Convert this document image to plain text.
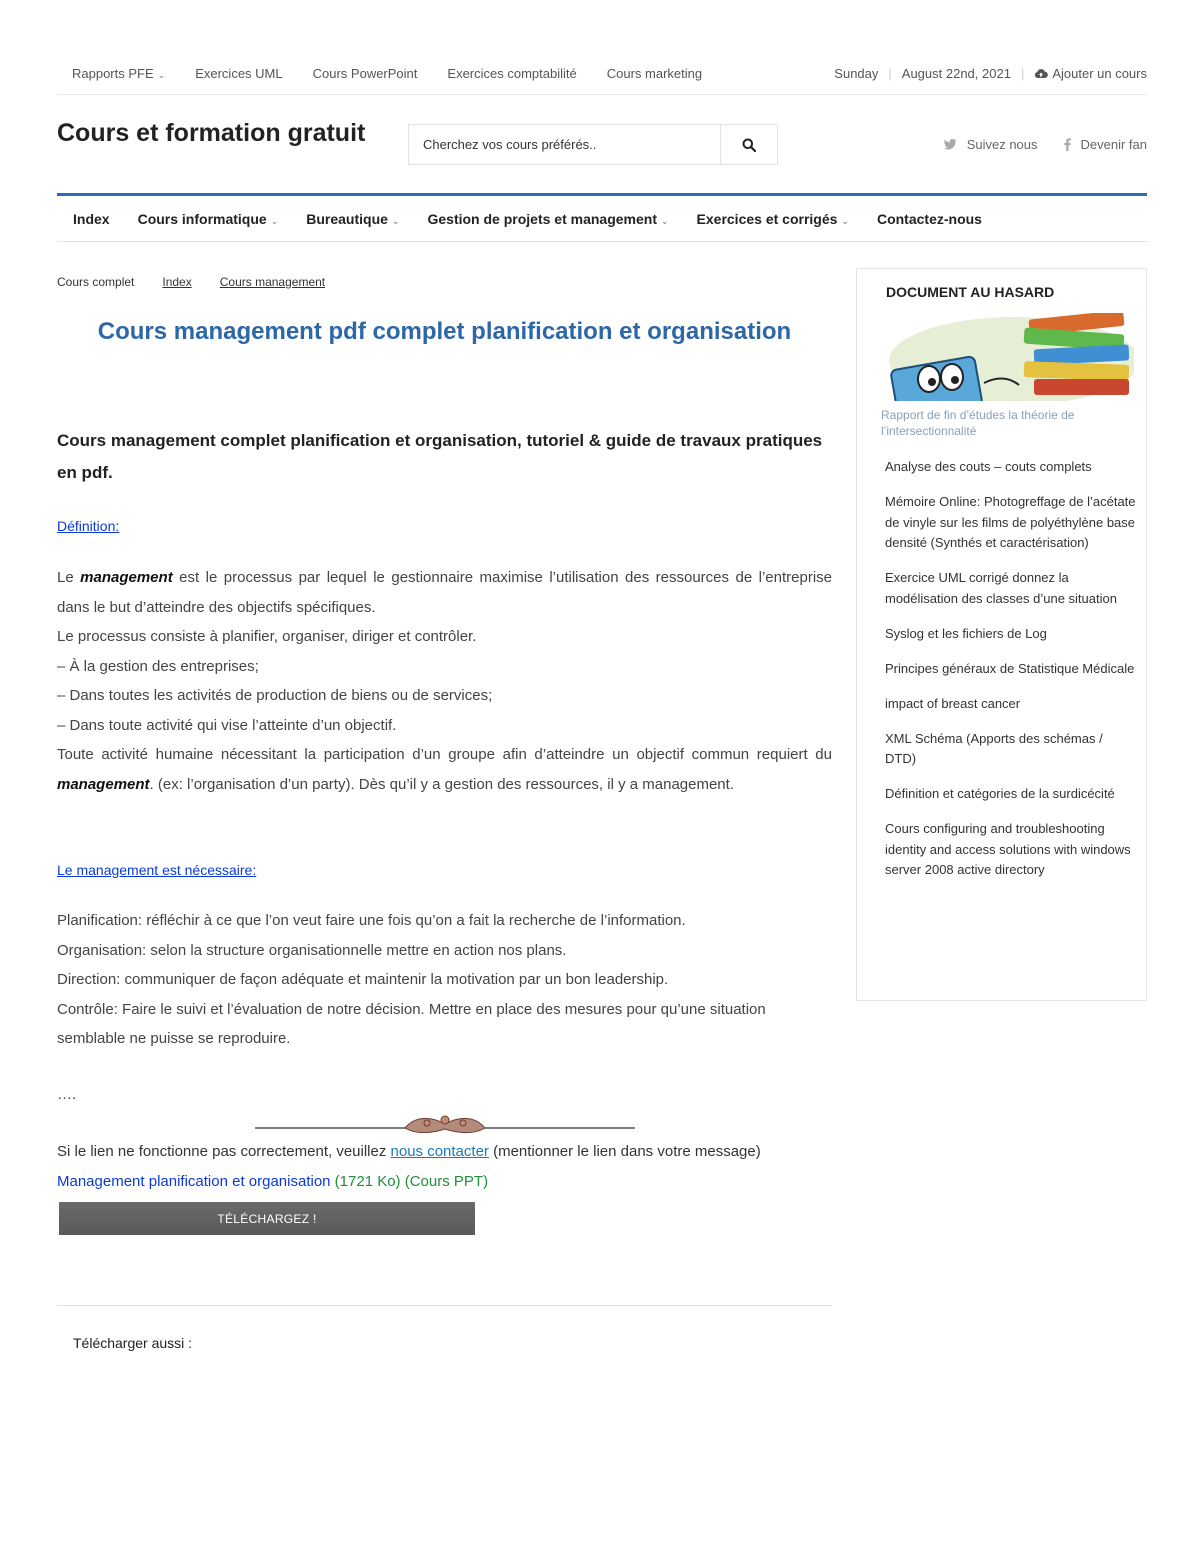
Rapports PFE ⌄ Exercices UML Cours PowerPoint Exercices comptabilité Cours marketing	Sunday | August 22nd, 2021 |	Ajouter un cours
Cours et formation gratuit
Cherchez vos cours préférés..	Suivez nous	Devenir fan
Index Cours informatique ⌄ Bureautique ⌄ Gestion de projets et management ⌄ Exercices et corrigés ⌄ Contactez-nous
Cours complet Index Cours management
Cours management pdf complet planification et organisation
Cours management complet planification et organisation, tutoriel & guide de travaux pratiques en pdf.
Définition:
Le management est le processus par lequel le gestionnaire maximise l’utilisation des ressources de l’entreprise dans le but d’atteindre des objectifs spécifiques.
Le processus consiste à planifier, organiser, diriger et contrôler.
– À la gestion des entreprises;
– Dans toutes les activités de production de biens ou de services;
– Dans toute activité qui vise l’atteinte d’un objectif.
Toute activité humaine nécessitant la participation d’un groupe afin d’atteindre un objectif commun requiert du management. (ex: l’organisation d’un party). Dès qu’il y a gestion des ressources, il y a management.
Le management est nécessaire:
Planification: réfléchir à ce que l’on veut faire une fois qu’on a fait la recherche de l’information.
Organisation: selon la structure organisationnelle mettre en action nos plans.
Direction: communiquer de façon adéquate et maintenir la motivation par un bon leadership.
Contrôle: Faire le suivi et l’évaluation de notre décision. Mettre en place des mesures pour qu’une situation semblable ne puisse se reproduire.
….
Si le lien ne fonctionne pas correctement, veuillez nous contacter (mentionner le lien dans votre message)
Management planification et organisation (1721 Ko) (Cours PPT)
TÉLÉCHARGEZ !
Télécharger aussi :
DOCUMENT AU HASARD
Rapport de fin d’études la théorie de l’intersectionnalité
Analyse des couts – couts complets
Mémoire Online: Photogreffage de l’acétate de vinyle sur les films de polyéthylène base densité (Synthés et caractérisation)
Exercice UML corrigé donnez la modélisation des classes d’une situation
Syslog et les fichiers de Log
Principes généraux de Statistique Médicale
impact of breast cancer
XML Schéma (Apports des schémas / DTD)
Définition et catégories de la surdicécité
Cours configuring and troubleshooting identity and access solutions with windows server 2008 active directory
